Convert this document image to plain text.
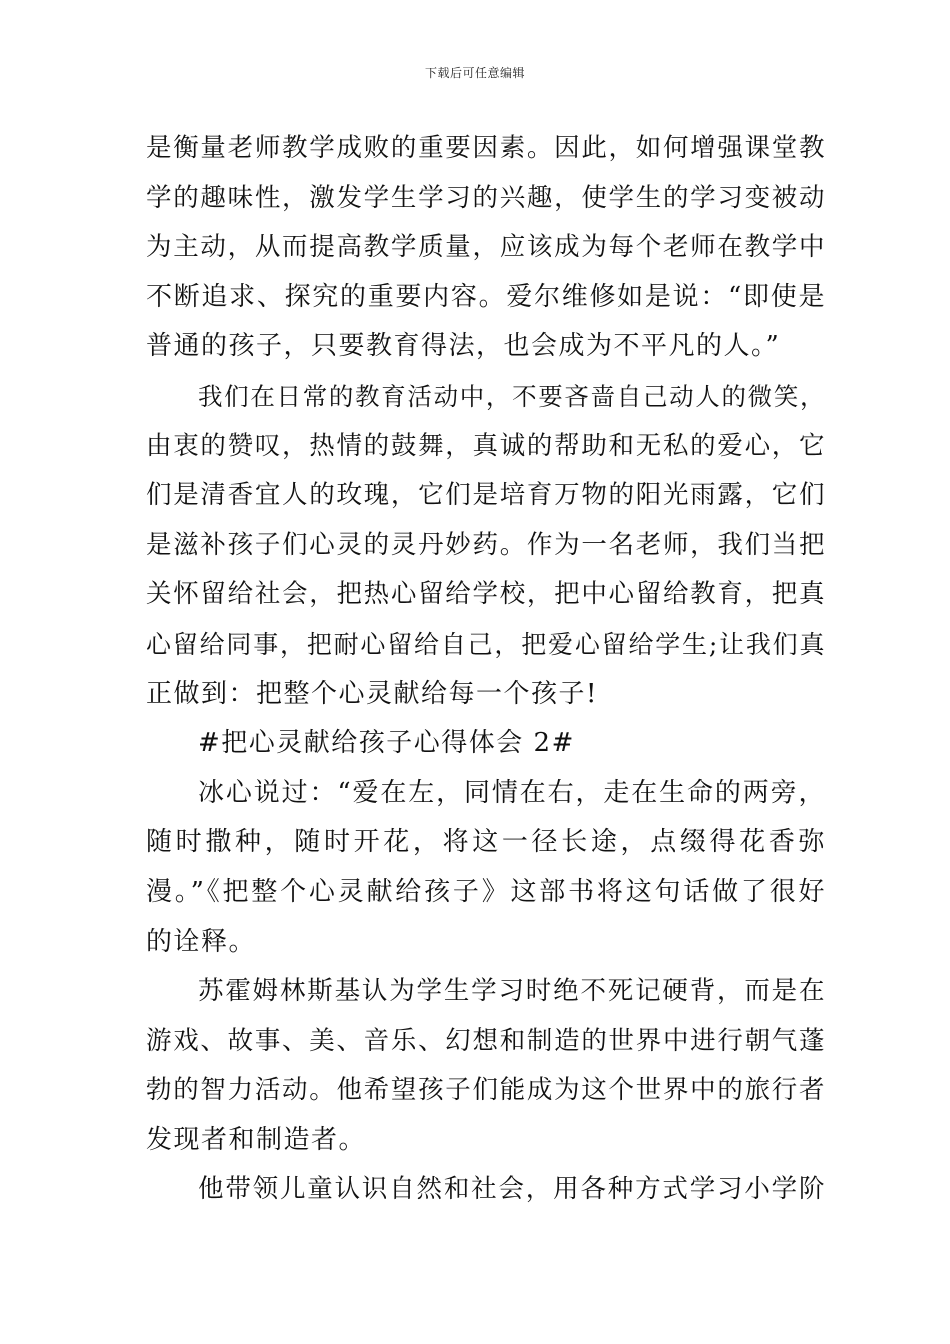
下载后可任意编辑
是衡量老师教学成败的重要因素。因此，如何增强课堂教
学的趣味性，激发学生学习的兴趣，使学生的学习变被动
为主动，从而提高教学质量，应该成为每个老师在教学中
不断追求、探究的重要内容。爱尔维修如是说：“即使是
普通的孩子，只要教育得法，也会成为不平凡的人。”
我们在日常的教育活动中，不要吝啬自己动人的微笑，
由衷的赞叹，热情的鼓舞，真诚的帮助和无私的爱心，它
们是清香宜人的玫瑰，它们是培育万物的阳光雨露，它们
是滋补孩子们心灵的灵丹妙药。作为一名老师，我们当把
关怀留给社会，把热心留给学校，把中心留给教育，把真
心留给同事，把耐心留给自己，把爱心留给学生;让我们真
正做到：把整个心灵献给每一个孩子!
#把心灵献给孩子心得体会 2#
冰心说过：“爱在左，同情在右，走在生命的两旁，
随时撒种，随时开花，将这一径长途，点缀得花香弥
漫。”《把整个心灵献给孩子》这部书将这句话做了很好
的诠释。
苏霍姆林斯基认为学生学习时绝不死记硬背，而是在
游戏、故事、美、音乐、幻想和制造的世界中进行朝气蓬
勃的智力活动。他希望孩子们能成为这个世界中的旅行者
发现者和制造者。
他带领儿童认识自然和社会，用各种方式学习小学阶
